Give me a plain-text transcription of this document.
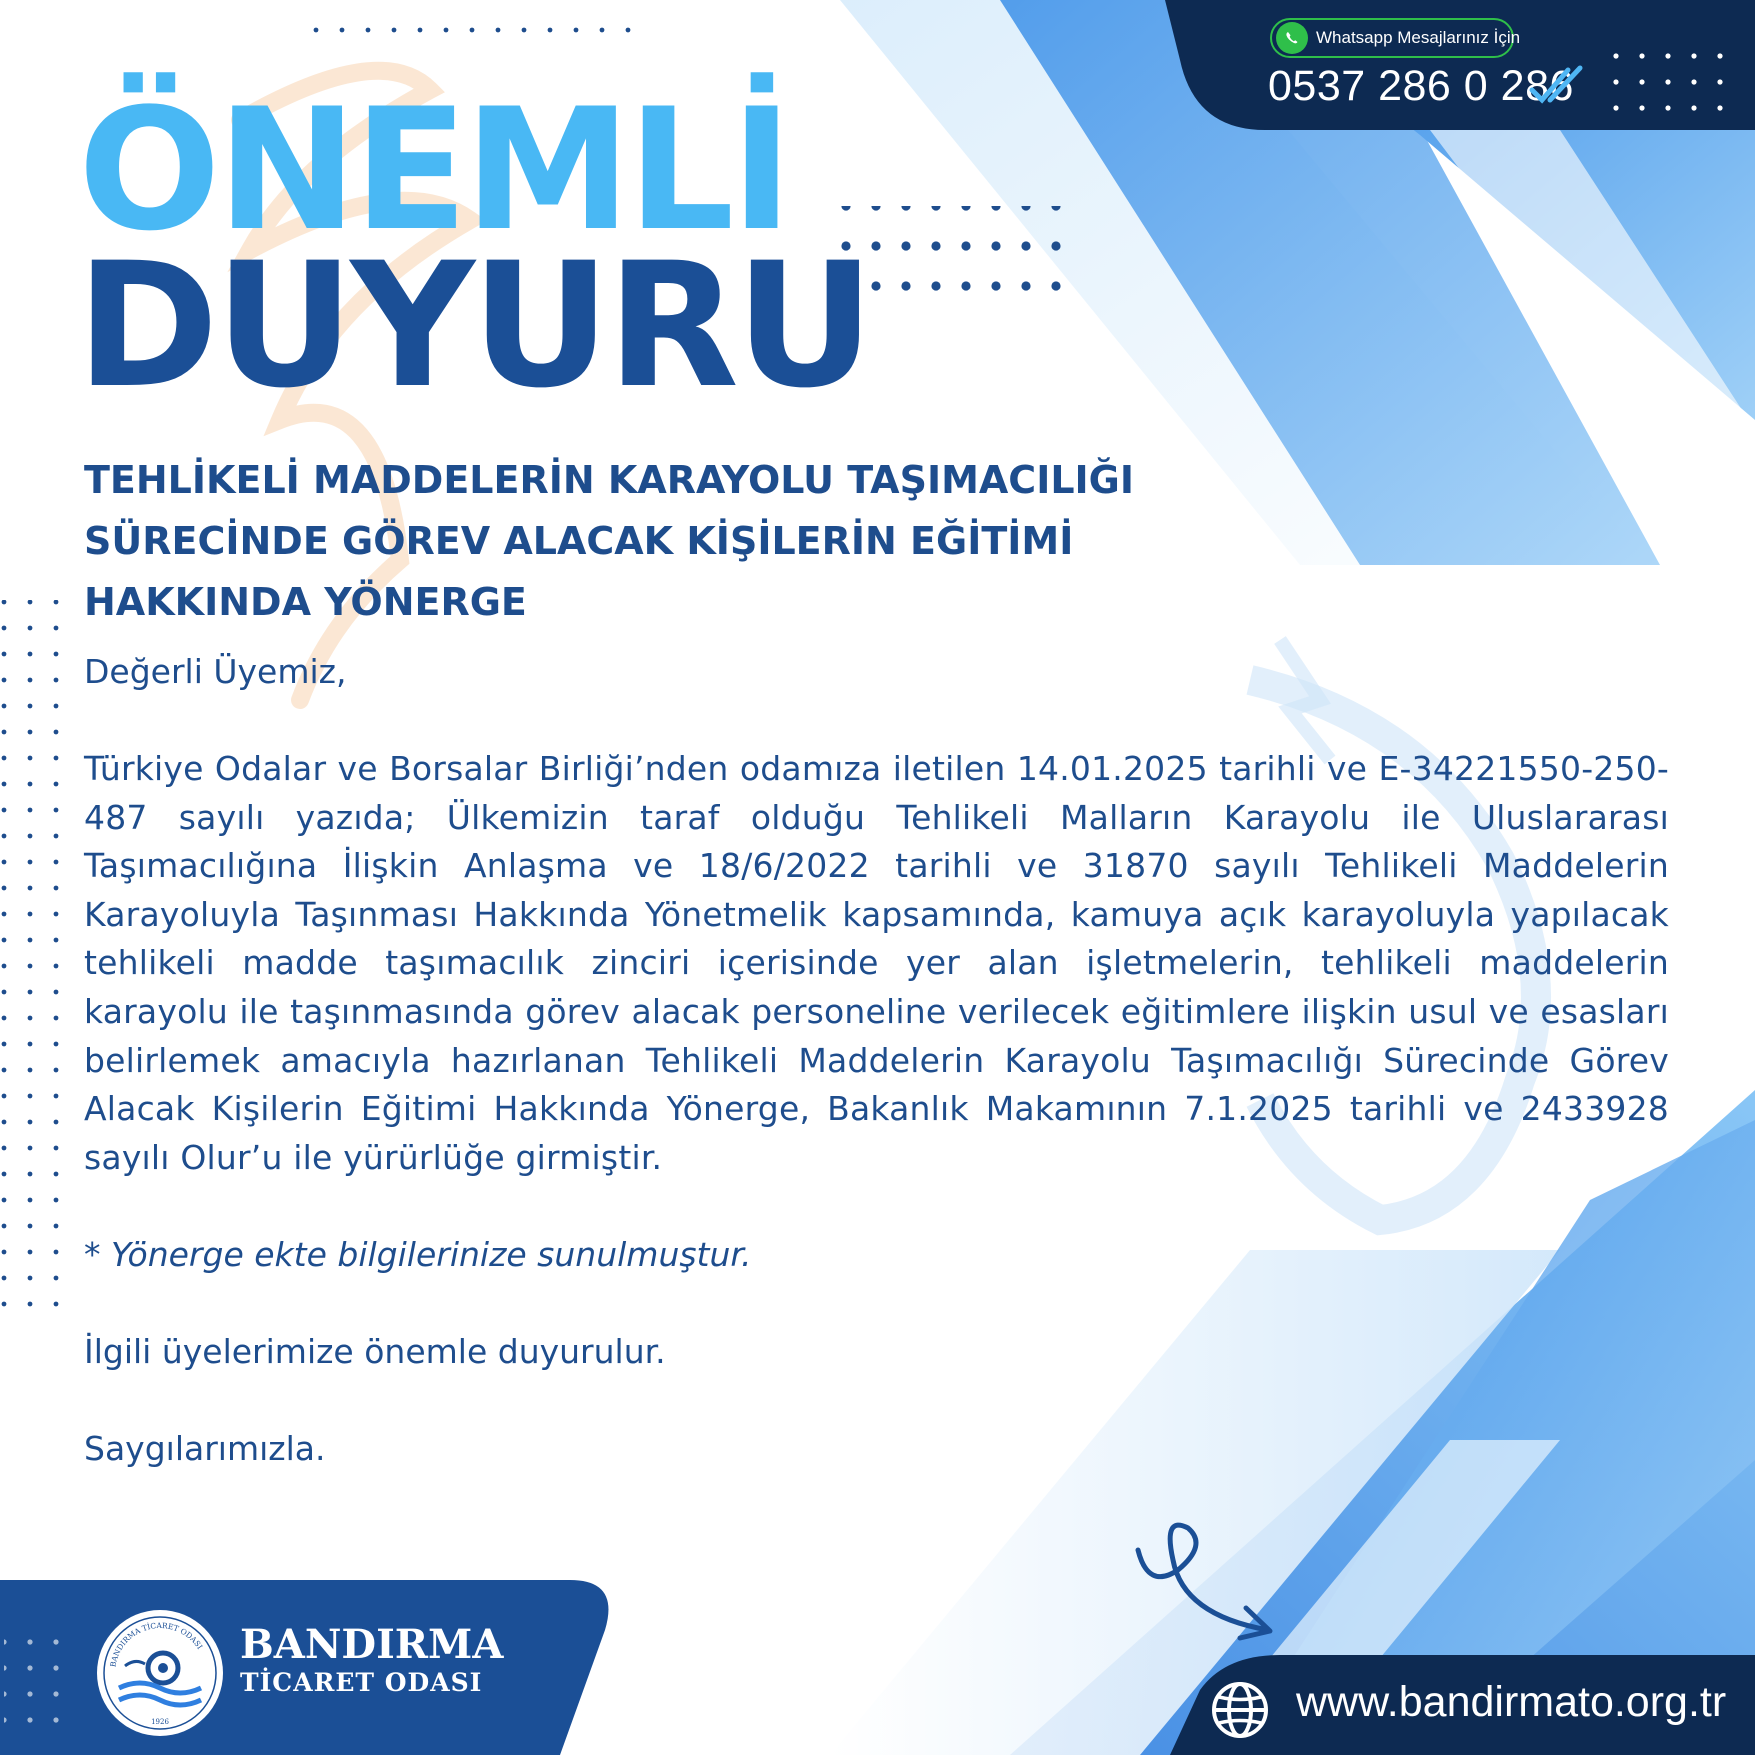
ÖNEMLİ
DUYURU
Whatsapp Mesajlarınız İçin
0537 286 0 286
TEHLİKELİ MADDELERİN KARAYOLU TAŞIMACILIĞI
SÜRECİNDE GÖREV ALACAK KİŞİLERİN EĞİTİMİ
HAKKINDA YÖNERGE

Değerli Üyemiz,

Türkiye Odalar ve Borsalar Birliği’nden odamıza iletilen 14.01.2025 tarihli ve E-34221550-250-487 sayılı yazıda; Ülkemizin taraf olduğu Tehlikeli Malların Karayolu ile Uluslararası Taşımacılığına İlişkin Anlaşma ve 18/6/2022 tarihli ve 31870 sayılı Tehlikeli Maddelerin Karayoluyla Taşınması Hakkında Yönetmelik kapsamında, kamuya açık karayoluyla yapılacak tehlikeli madde taşımacılık zinciri içerisinde yer alan işletmelerin, tehlikeli maddelerin karayolu ile taşınmasında görev alacak personeline verilecek eğitimlere ilişkin usul ve esasları belirlemek amacıyla hazırlanan Tehlikeli Maddelerin Karayolu Taşımacılığı Sürecinde Görev Alacak Kişilerin Eğitimi Hakkında Yönerge, Bakanlık Makamının 7.1.2025 tarihli ve 2433928 sayılı Olur’u ile yürürlüğe girmiştir.

* Yönerge ekte bilgilerinize sunulmuştur.

İlgili üyelerimize önemle duyurulur.

Saygılarımızla.

BANDIRMA TİCARET ODASI
1926
BANDIRMA
TİCARET ODASI	www.bandirmato.org.tr
